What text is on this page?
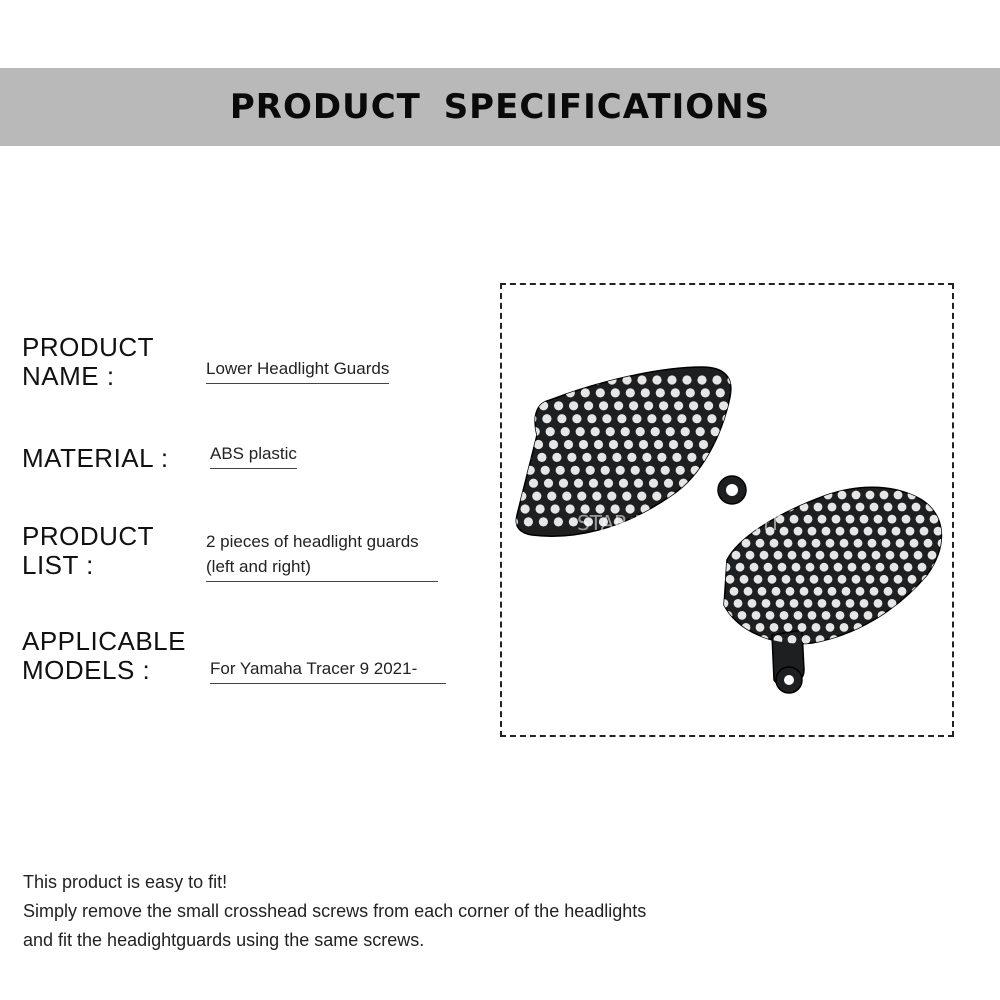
PRODUCT SPECIFICATIONS
PRODUCT
NAME :	Lower Headlight Guards
MATERIAL : ABS plastic
PRODUCT
LIST :
2 pieces of headlight guards
(left and right)
APPLICABLE
MODELS :	For Yamaha Tracer 9 2021-
STAR MOON KNIGHT
This product is easy to fit!
Simply remove the small crosshead screws from each corner of the headlights
and fit the headightguards using the same screws.
